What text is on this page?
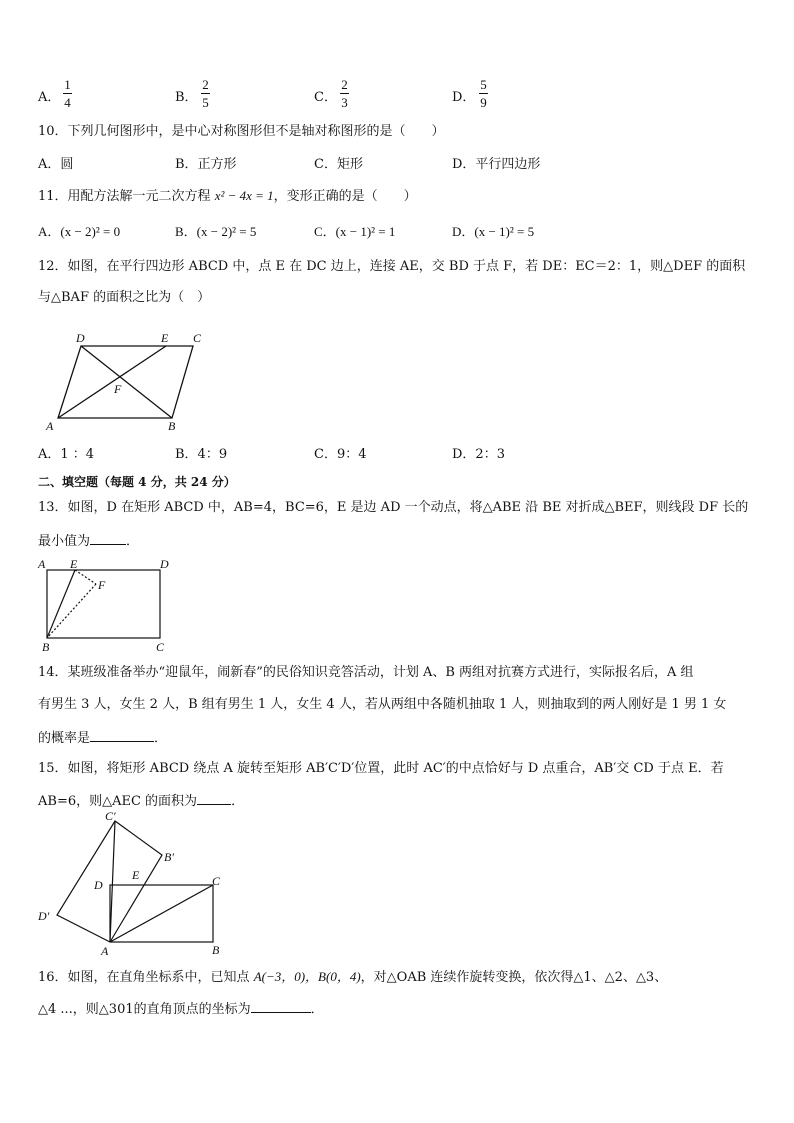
A．
1
4	B．
2
5	C．
2
3	D．
5
9
10．下列几何图形中，是中心对称图形但不是轴对称图形的是（　　）
A．圆	B．正方形	C．矩形	D．平行四边形
11．用配方法解一元二次方程 x² − 4x = 1，变形正确的是（　　）
A．(x − 2)² = 0	B．(x − 2)² = 5	C．(x − 1)² = 1	D．(x − 1)² = 5
12．如图，在平行四边形 ABCD 中，点 E 在 DC 边上，连接 AE，交 BD 于点 F，若 DE：EC＝2：1，则△DEF 的面积
与△BAF 的面积之比为（　）
D	E C
F
A	B
A．1 ：4	B．4：9	C．9：4	D．2：3
二、填空题（每题 4 分，共 24 分）
13．如图，D 在矩形 ABCD 中，AB=4，BC=6，E 是边 AD 一个动点，将△ABE 沿 BE 对折成△BEF，则线段 DF 长的
最小值为	．
A E	D
F
B	C
14．某班级准备举办“迎鼠年，闹新春”的民俗知识竞答活动，计划 A、B 两组对抗赛方式进行，实际报名后，A 组
有男生 3 人，女生 2 人，B 组有男生 1 人，女生 4 人，若从两组中各随机抽取 1 人，则抽取到的两人刚好是 1 男 1 女
的概率是	．
15．如图，将矩形 ABCD 绕点 A 旋转至矩形 AB′C′D′位置，此时 AC′的中点恰好与 D 点重合，AB′交 CD 于点 E．若
AB=6，则△AEC 的面积为	．
C′
B′
D
E	C
D′
A	B
16．如图，在直角坐标系中，已知点 A(−3，0)，B(0，4)，对△OAB 连续作旋转变换，依次得△1、△2、△3、
△4 ...，则△301的直角顶点的坐标为	．
